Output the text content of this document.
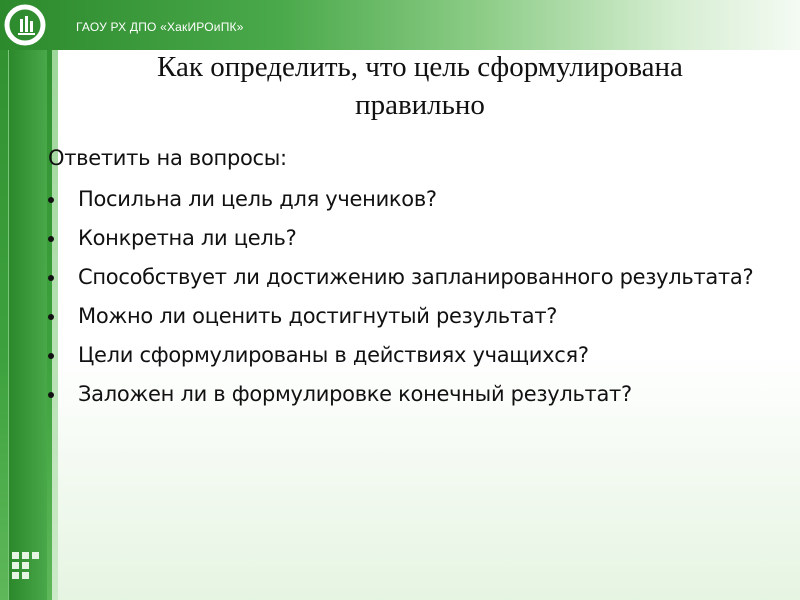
ГАОУ РХ ДПО «ХакИРОиПК»
Как определить, что цель сформулирована
правильно
Ответить на вопросы:
Посильна ли цель для учеников?
Конкретна ли цель?
Способствует ли достижению запланированного результата?
Можно ли оценить достигнутый результат?
Цели сформулированы в действиях учащихся?
Заложен ли в формулировке конечный результат?
